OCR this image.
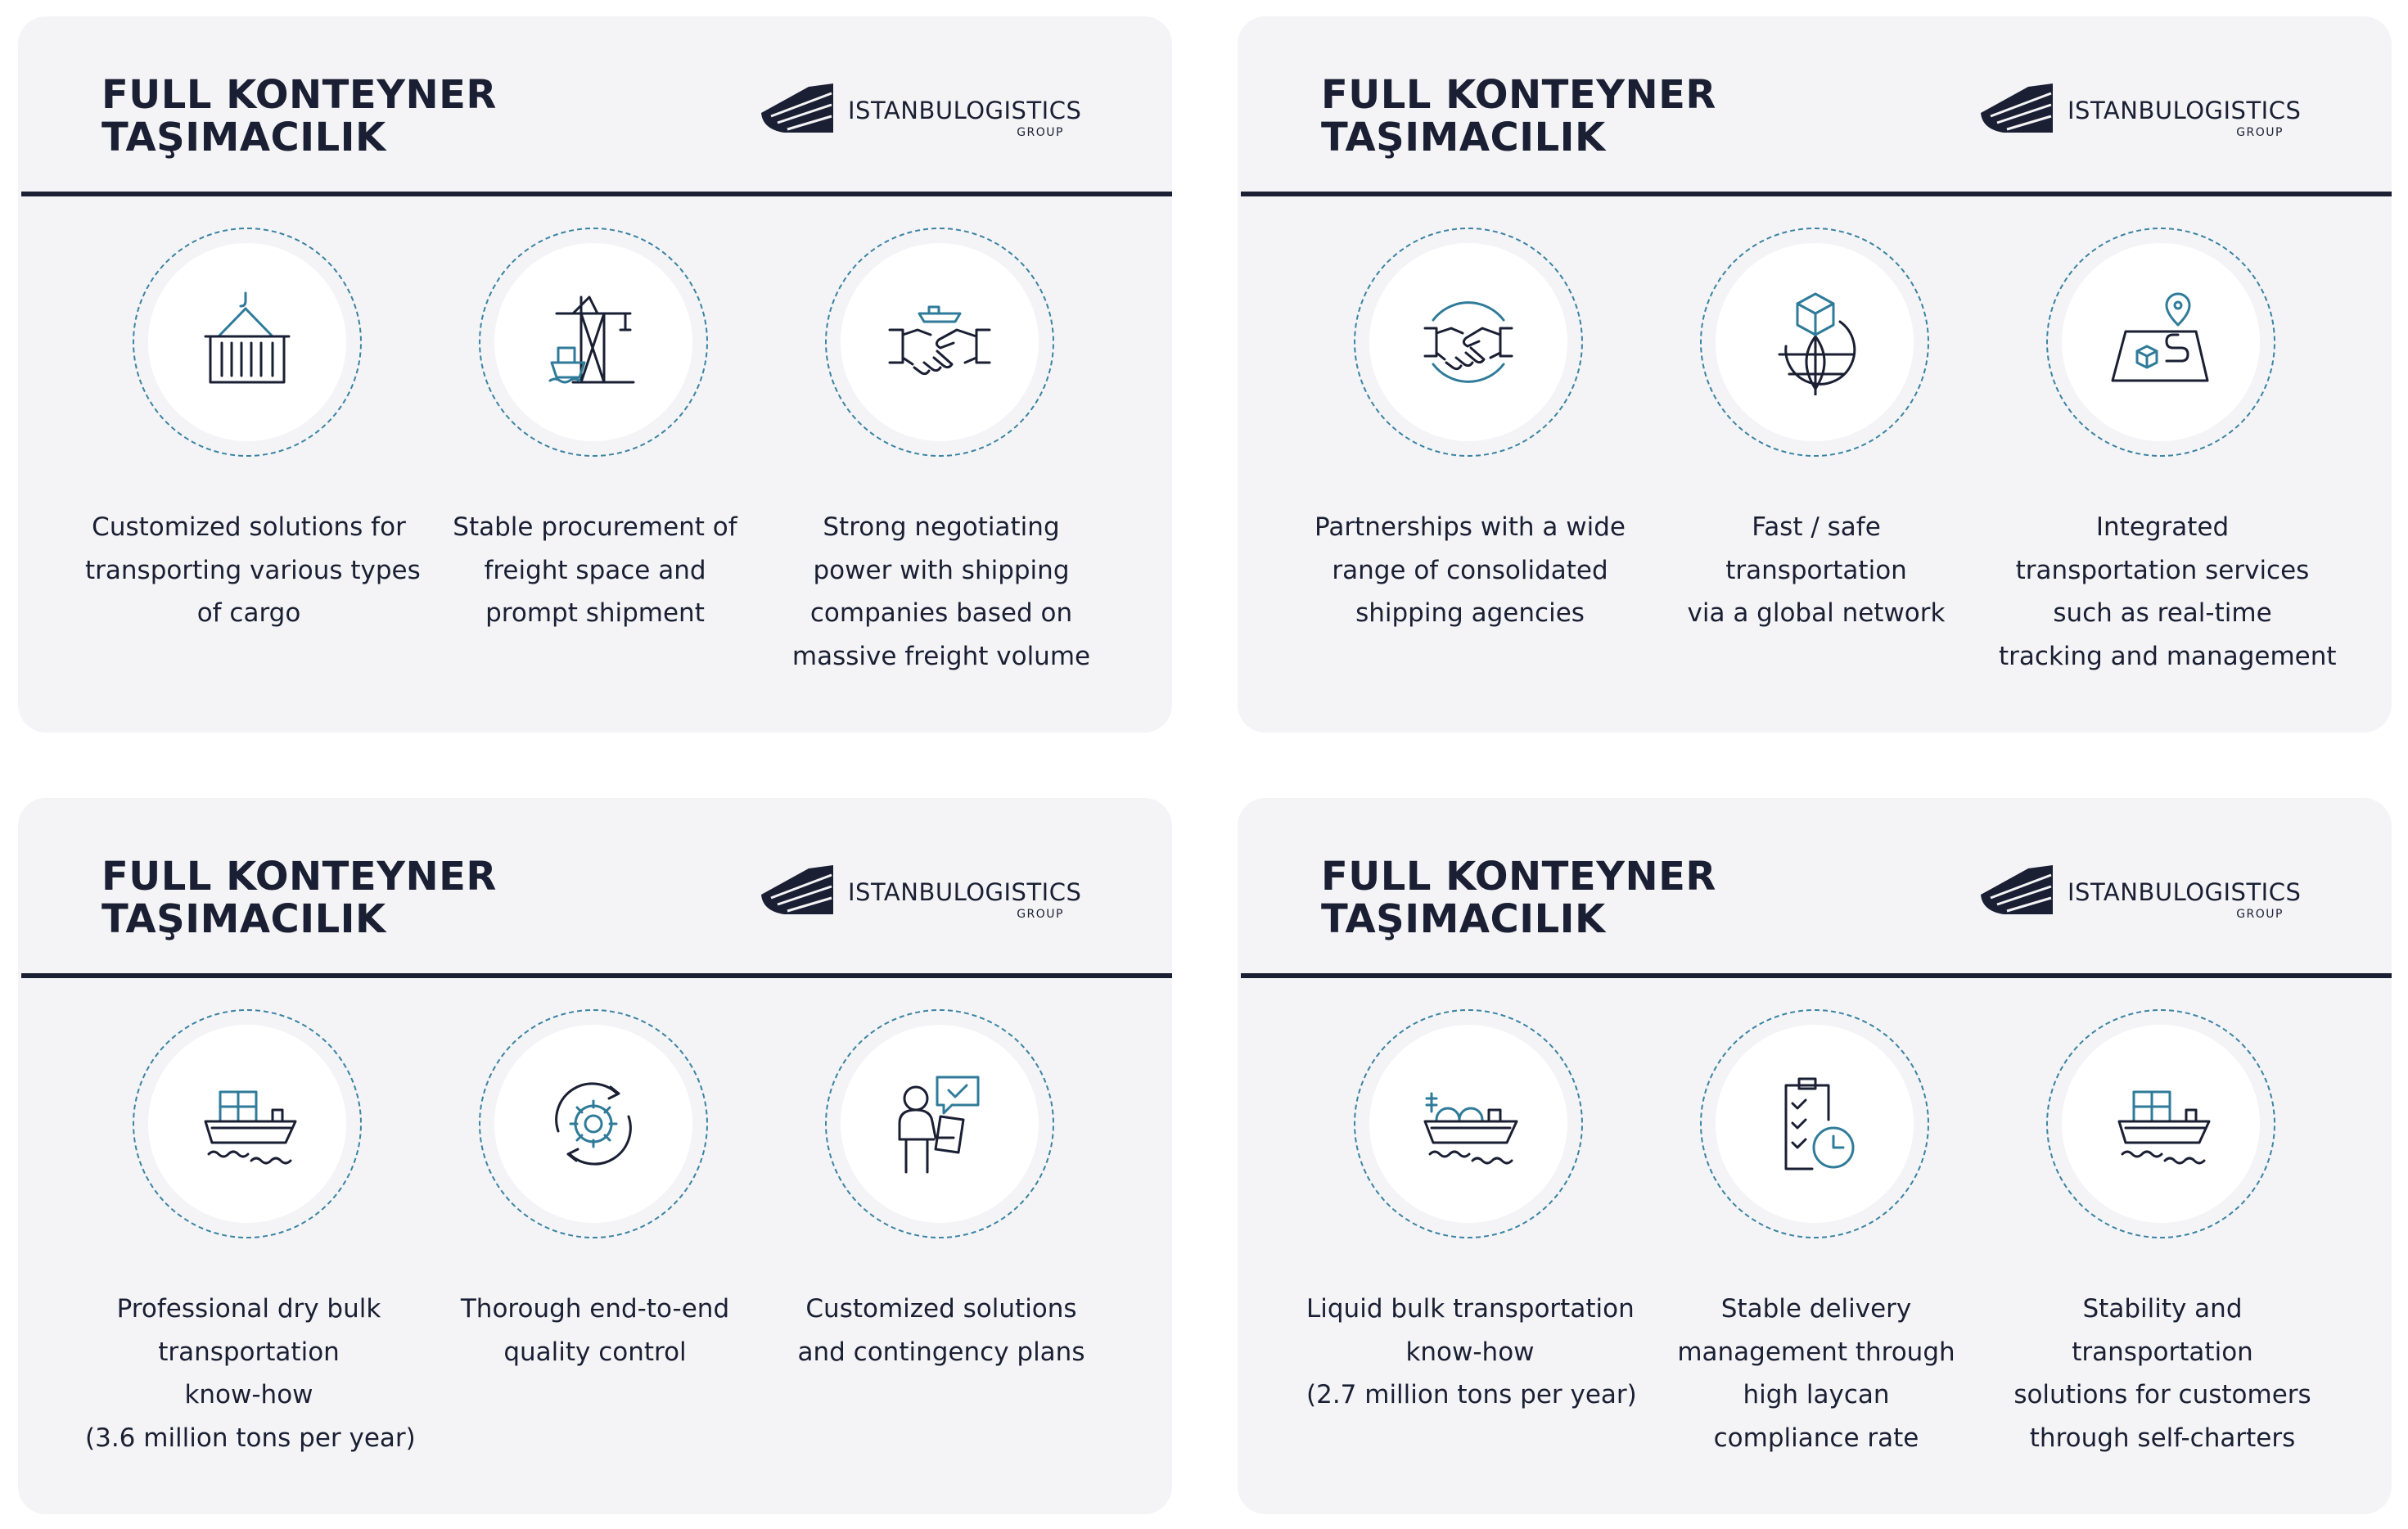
FULL KONTEYNER
TAŞIMACILIK
ISTANBULOGISTICS
GROUP
Customized solutions for
transporting various types
of cargo
Stable procurement of
freight space and
prompt shipment
Strong negotiating
power with shipping
companies based on
massive freight volume
FULL KONTEYNER
TAŞIMACILIK
ISTANBULOGISTICS
GROUP
Partnerships with a wide
range of consolidated
shipping agencies
Fast / safe
transportation
via a global network
Integrated
transportation services
such as real-time
tracking and management
FULL KONTEYNER
TAŞIMACILIK
ISTANBULOGISTICS
GROUP
Professional dry bulk
transportation
know-how
(3.6 million tons per year)
Thorough end-to-end
quality control
Customized solutions
and contingency plans
FULL KONTEYNER
TAŞIMACILIK
ISTANBULOGISTICS
GROUP
Liquid bulk transportation
know-how
(2.7 million tons per year)
Stable delivery
management through
high laycan
compliance rate
Stability and
transportation
solutions for customers
through self-charters
